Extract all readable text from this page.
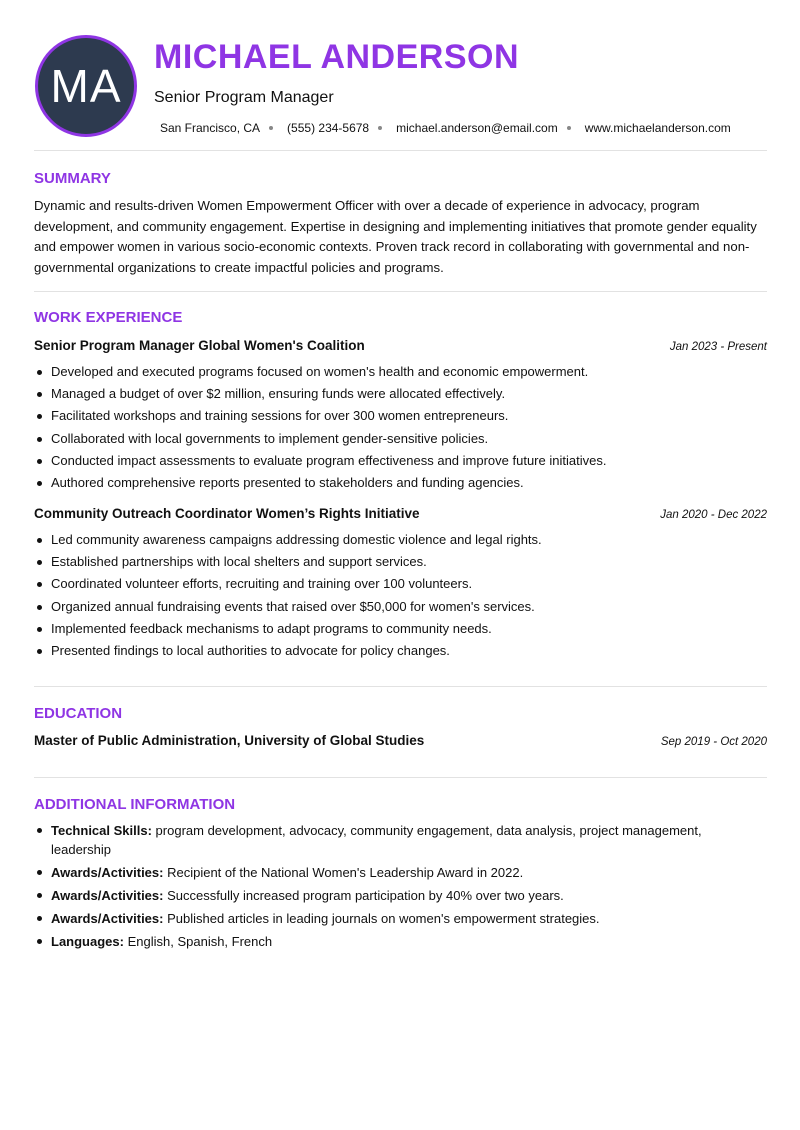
MA
MICHAEL ANDERSON
Senior Program Manager
San Francisco, CA (555) 234-5678 michael.anderson@email.com www.michaelanderson.com
SUMMARY

Dynamic and results-driven Women Empowerment Officer with over a decade of experience in advocacy, program development, and community engagement. Expertise in designing and implementing initiatives that promote gender equality and empower women in various socio-economic contexts. Proven track record in collaborating with governmental and non-governmental organizations to create impactful policies and programs.

WORK EXPERIENCE
Senior Program Manager Global Women's Coalition	Jan 2023 - Present
Developed and executed programs focused on women's health and economic empowerment.
Managed a budget of over $2 million, ensuring funds were allocated effectively.
Facilitated workshops and training sessions for over 300 women entrepreneurs.
Collaborated with local governments to implement gender-sensitive policies.
Conducted impact assessments to evaluate program effectiveness and improve future initiatives.
Authored comprehensive reports presented to stakeholders and funding agencies.
Community Outreach Coordinator Women’s Rights Initiative	Jan 2020 - Dec 2022
Led community awareness campaigns addressing domestic violence and legal rights.
Established partnerships with local shelters and support services.
Coordinated volunteer efforts, recruiting and training over 100 volunteers.
Organized annual fundraising events that raised over $50,000 for women's services.
Implemented feedback mechanisms to adapt programs to community needs.
Presented findings to local authorities to advocate for policy changes.
EDUCATION
Master of Public Administration, University of Global Studies	Sep 2019 - Oct 2020
ADDITIONAL INFORMATION
Technical Skills: program development, advocacy, community engagement, data analysis, project management, leadership
Awards/Activities: Recipient of the National Women's Leadership Award in 2022.
Awards/Activities: Successfully increased program participation by 40% over two years.
Awards/Activities: Published articles in leading journals on women's empowerment strategies.
Languages: English, Spanish, French
